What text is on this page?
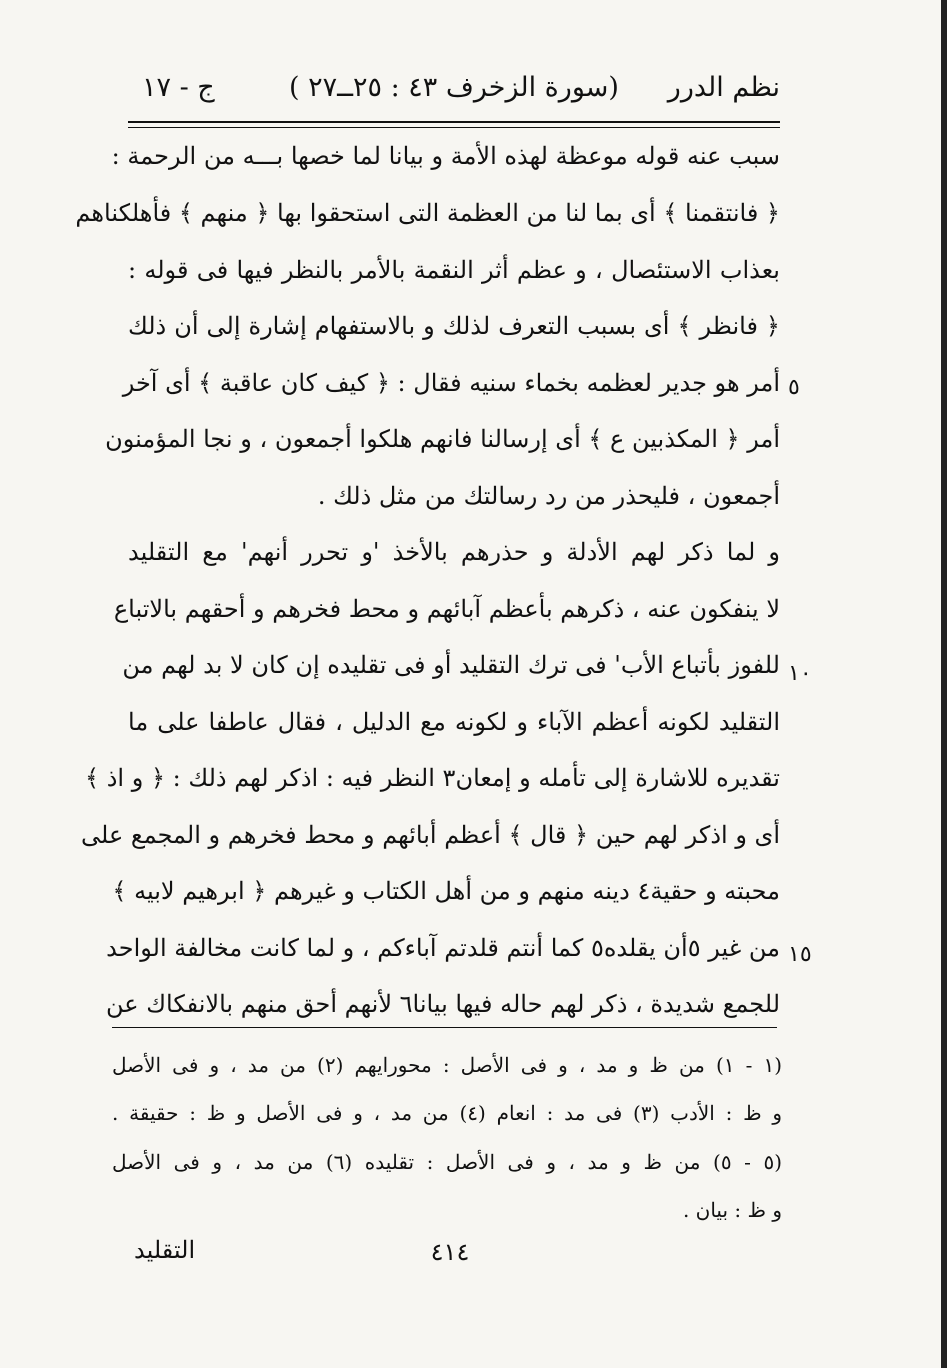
نظم الدرر
( سورة الزخرف ٤٣ : ٢٥ــ٢٧)
ج - ١٧
سبب عنه قوله موعظة لهذه الأمة و بيانا لما خصها بـــه من الرحمة :
﴿ فانتقمنا ﴾ أى بما لنا من العظمة التى استحقوا بها ﴿ منهم ﴾ فأهلكناهم
بعذاب الاستئصال ، و عظم أثر النقمة بالأمر بالنظر فيها فى قوله :
﴿ فانظر ﴾ أى بسبب التعرف لذلك و بالاستفهام إشارة إلى أن ذلك
أمر هو جدير لعظمه بخماء سنيه فقال : ﴿ كيف كان عاقبة ﴾ أى آخر ٥
أمر ﴿ المكذبين ع ﴾ أى إرسالنا فانهم هلكوا أجمعون ، و نجا المؤمنون
أجمعون ، فليحذر من رد رسالتك من مثل ذلك .
و لما ذكر لهم الأدلة و حذرهم بالأخذ 'و تحرر أنهم' مع التقليد
لا ينفكون عنه ، ذكرهم بأعظم آبائهم و محط فخرهم و أحقهم بالاتباع
للفوز بأتباع الأب' فى ترك التقليد أو فى تقليده إن كان لا بد لهم من ١٠
التقليد لكونه أعظم الآباء و لكونه مع الدليل ، فقال عاطفا على ما
تقديره للاشارة إلى تأمله و إمعان٣ النظر فيه : اذكر لهم ذلك : ﴿ و اذ ﴾
أى و اذكر لهم حين ﴿ قال ﴾ أعظم أبائهم و محط فخرهم و المجمع على
محبته و حقية٤ دينه منهم و من أهل الكتاب و غيرهم ﴿ ابرهيم لابيه ﴾
من غير ٥أن يقلده٥ كما أنتم قلدتم آباءكم ، و لما كانت مخالفة الواحد ١٥
للجمع شديدة ، ذكر لهم حاله فيها بيانا٦ لأنهم أحق منهم بالانفكاك عن
(١ - ١) من ظ و مد ، و فى الأصل : محورايهم (٢) من مد ، و فى الأصل
و ظ : الأدب (٣) فى مد : انعام (٤) من مد ، و فى الأصل و ظ : حقيقة .
(٥ - ٥) من ظ و مد ، و فى الأصل : تقليده (٦) من مد ، و فى الأصل
و ظ : بيان .
التقليد	٤١٤
